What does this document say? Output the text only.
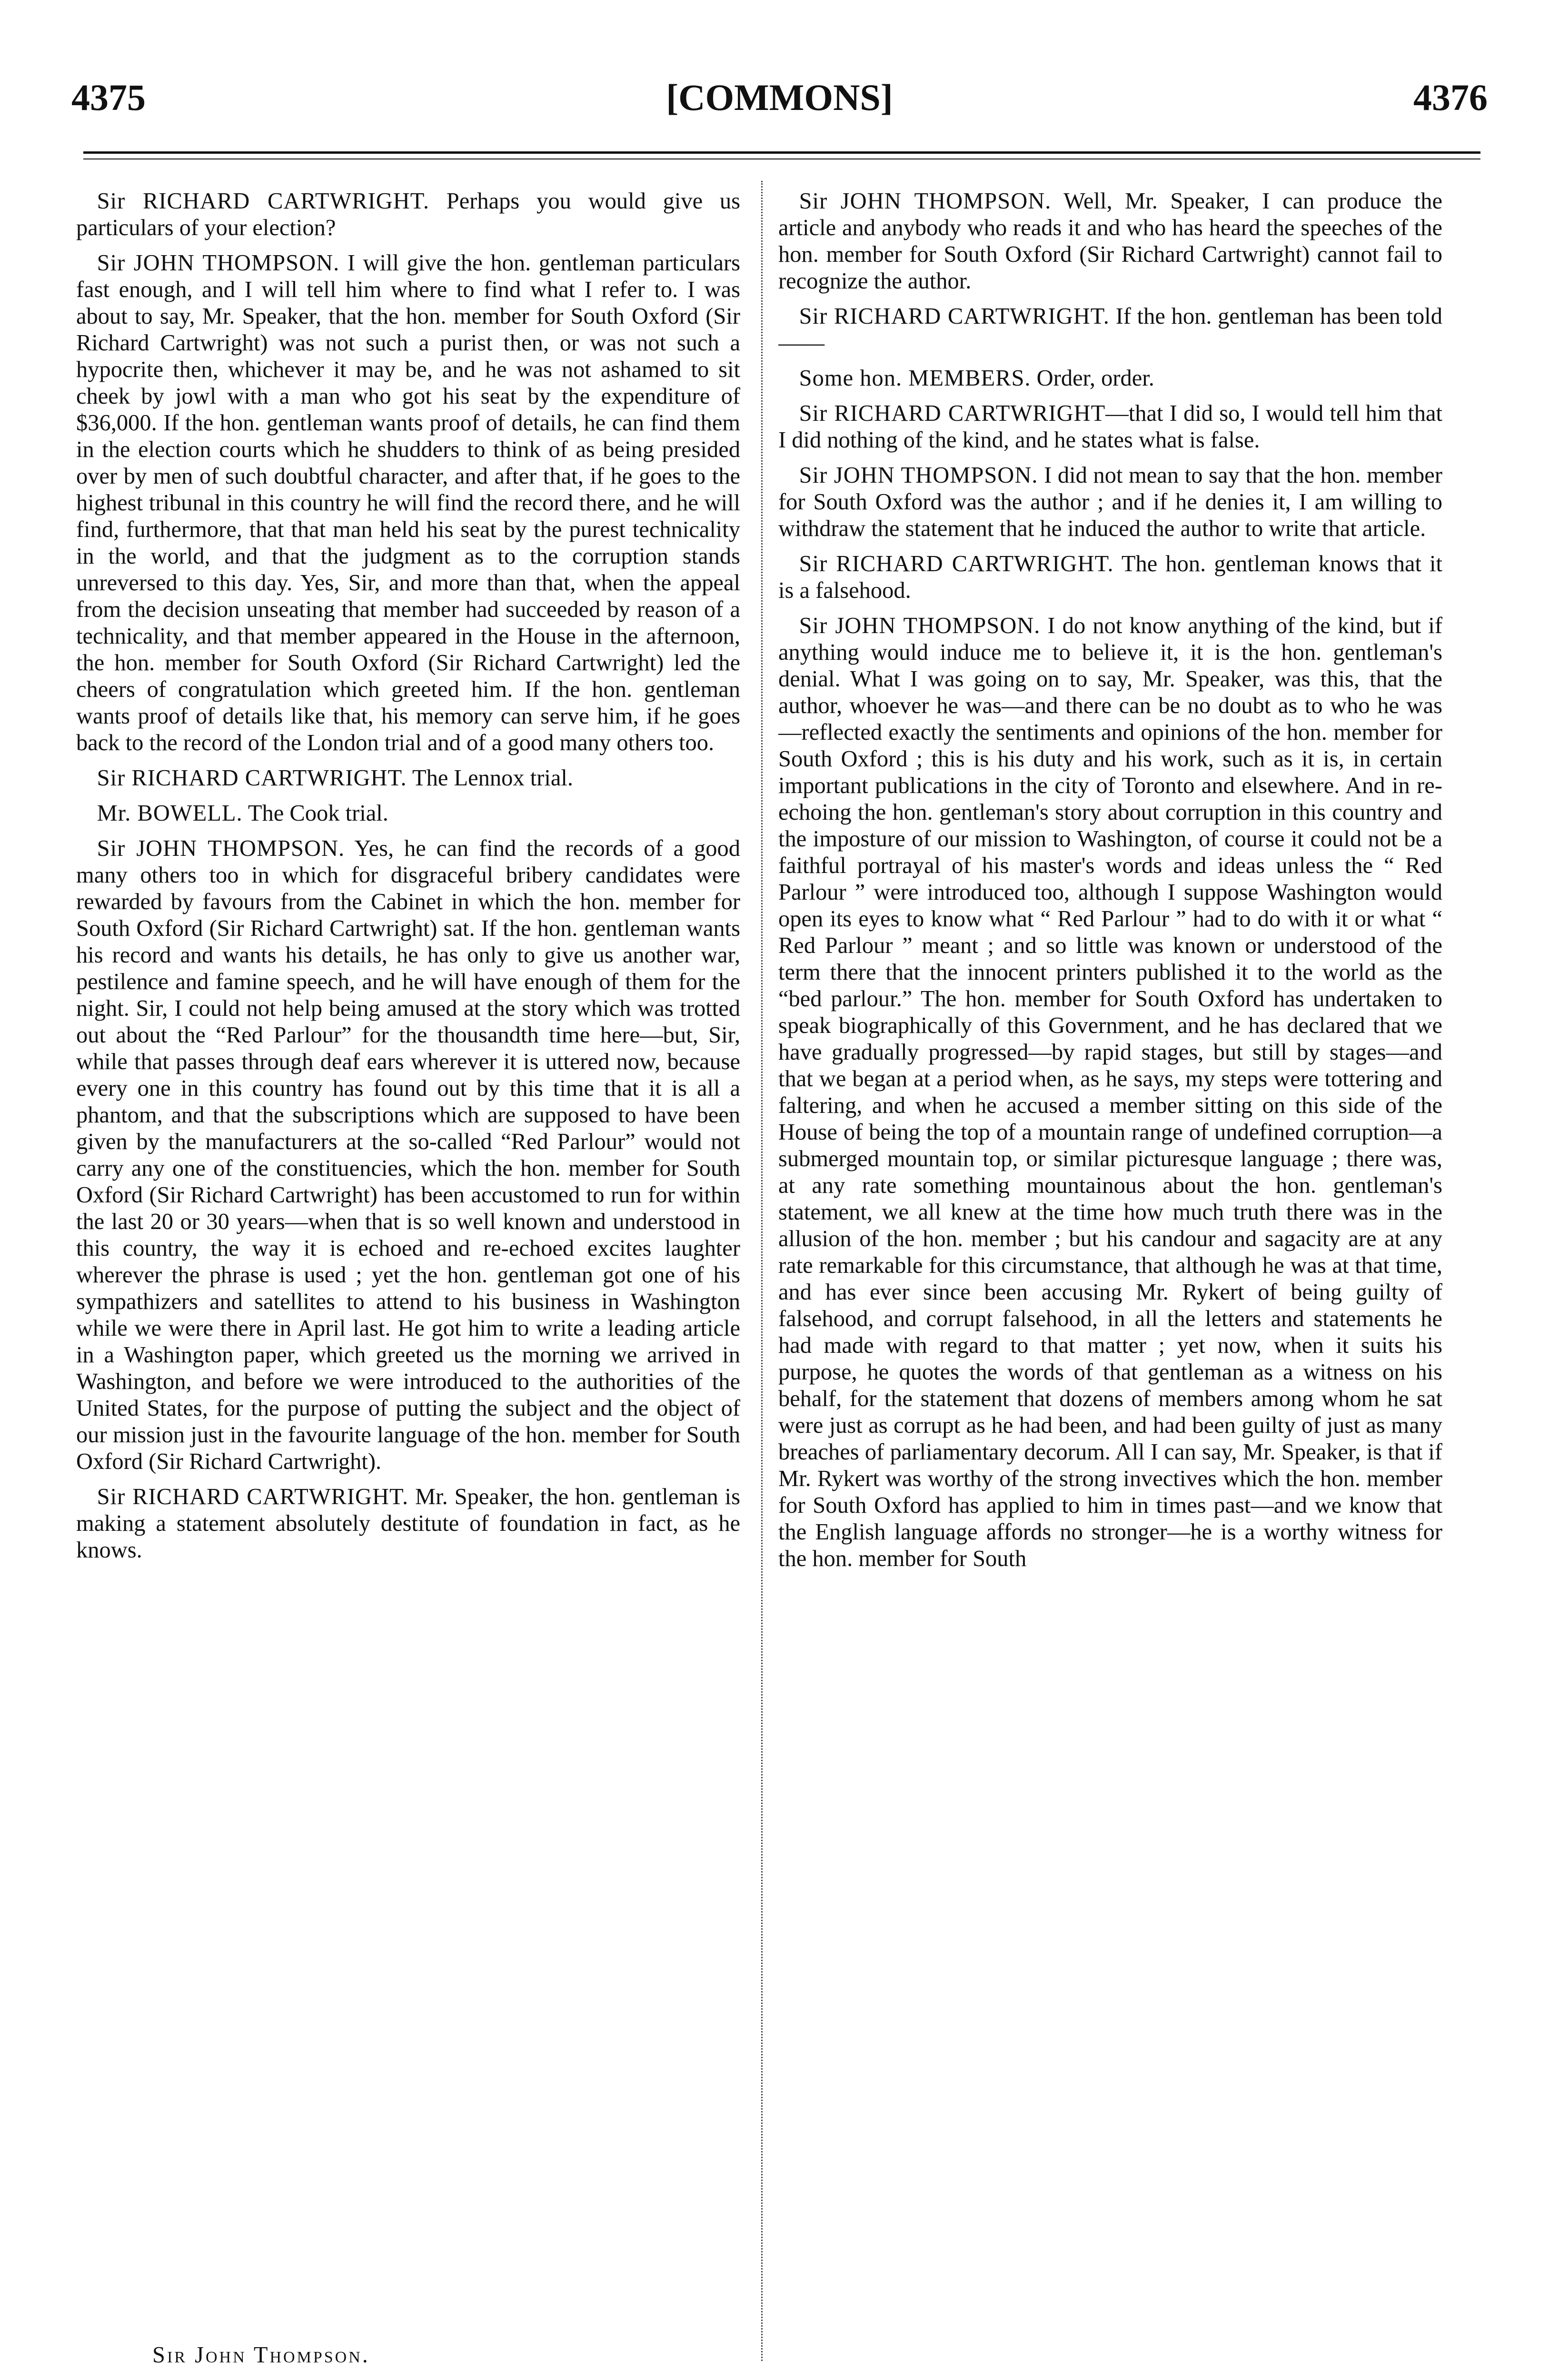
4375	[COMMONS]	4376

Sir RICHARD CARTWRIGHT. Perhaps you would give us particulars of your election?

Sir JOHN THOMPSON. I will give the hon. gentleman particulars fast enough, and I will tell him where to find what I refer to. I was about to say, Mr. Speaker, that the hon. member for South Oxford (Sir Richard Cartwright) was not such a purist then, or was not such a hypocrite then, whichever it may be, and he was not ashamed to sit cheek by jowl with a man who got his seat by the expenditure of $36,000. If the hon. gentleman wants proof of details, he can find them in the election courts which he shudders to think of as being presided over by men of such doubtful character, and after that, if he goes to the highest tribunal in this country he will find the record there, and he will find, furthermore, that that man held his seat by the purest technicality in the world, and that the judgment as to the corruption stands unreversed to this day. Yes, Sir, and more than that, when the appeal from the decision unseating that member had succeeded by reason of a technicality, and that member appeared in the House in the afternoon, the hon. member for South Oxford (Sir Richard Cartwright) led the cheers of congratulation which greeted him. If the hon. gentleman wants proof of details like that, his memory can serve him, if he goes back to the record of the London trial and of a good many others too.

Sir RICHARD CARTWRIGHT. The Lennox trial.

Mr. BOWELL. The Cook trial.

Sir JOHN THOMPSON. Yes, he can find the records of a good many others too in which for disgraceful bribery candidates were rewarded by favours from the Cabinet in which the hon. member for South Oxford (Sir Richard Cartwright) sat. If the hon. gentleman wants his record and wants his details, he has only to give us another war, pestilence and famine speech, and he will have enough of them for the night. Sir, I could not help being amused at the story which was trotted out about the “Red Parlour” for the thousandth time here—but, Sir, while that passes through deaf ears wherever it is uttered now, because every one in this country has found out by this time that it is all a phantom, and that the subscriptions which are supposed to have been given by the manufacturers at the so-called “Red Parlour” would not carry any one of the constituencies, which the hon. member for South Oxford (Sir Richard Cartwright) has been accustomed to run for within the last 20 or 30 years—when that is so well known and understood in this country, the way it is echoed and re-echoed excites laughter wherever the phrase is used ; yet the hon. gentleman got one of his sympathizers and satellites to attend to his business in Washington while we were there in April last. He got him to write a leading article in a Washington paper, which greeted us the morning we arrived in Washington, and before we were introduced to the authorities of the United States, for the purpose of putting the subject and the object of our mission just in the favourite language of the hon. member for South Oxford (Sir Richard Cartwright).

Sir RICHARD CARTWRIGHT. Mr. Speaker, the hon. gentleman is making a statement absolutely destitute of foundation in fact, as he knows.

Sir JOHN THOMPSON. Well, Mr. Speaker, I can produce the article and anybody who reads it and who has heard the speeches of the hon. member for South Oxford (Sir Richard Cartwright) cannot fail to recognize the author.

Sir RICHARD CARTWRIGHT. If the hon. gentleman has been told——

Some hon. MEMBERS. Order, order.

Sir RICHARD CARTWRIGHT—that I did so, I would tell him that I did nothing of the kind, and he states what is false.

Sir JOHN THOMPSON. I did not mean to say that the hon. member for South Oxford was the author ; and if he denies it, I am willing to withdraw the statement that he induced the author to write that article.

Sir RICHARD CARTWRIGHT. The hon. gentleman knows that it is a falsehood.

Sir JOHN THOMPSON. I do not know anything of the kind, but if anything would induce me to believe it, it is the hon. gentleman's denial. What I was going on to say, Mr. Speaker, was this, that the author, whoever he was—and there can be no doubt as to who he was—reflected exactly the sentiments and opinions of the hon. member for South Oxford ; this is his duty and his work, such as it is, in certain important publications in the city of Toronto and elsewhere. And in re-echoing the hon. gentleman's story about corruption in this country and the imposture of our mission to Washington, of course it could not be a faithful portrayal of his master's words and ideas unless the “ Red Parlour ” were introduced too, although I suppose Washington would open its eyes to know what “ Red Parlour ” had to do with it or what “ Red Parlour ” meant ; and so little was known or understood of the term there that the innocent printers published it to the world as the “bed parlour.” The hon. member for South Oxford has undertaken to speak biographically of this Government, and he has declared that we have gradually progressed—by rapid stages, but still by stages—and that we began at a period when, as he says, my steps were tottering and faltering, and when he accused a member sitting on this side of the House of being the top of a mountain range of undefined corruption—a submerged mountain top, or similar picturesque language ; there was, at any rate something mountainous about the hon. gentleman's statement, we all knew at the time how much truth there was in the allusion of the hon. member ; but his candour and sagacity are at any rate remarkable for this circumstance, that although he was at that time, and has ever since been accusing Mr. Rykert of being guilty of falsehood, and corrupt falsehood, in all the letters and statements he had made with regard to that matter ; yet now, when it suits his purpose, he quotes the words of that gentleman as a witness on his behalf, for the statement that dozens of members among whom he sat were just as corrupt as he had been, and had been guilty of just as many breaches of parliamentary decorum. All I can say, Mr. Speaker, is that if Mr. Rykert was worthy of the strong invectives which the hon. member for South Oxford has applied to him in times past—and we know that the English language affords no stronger—he is a worthy witness for the hon. member for South

Sir John Thompson.
